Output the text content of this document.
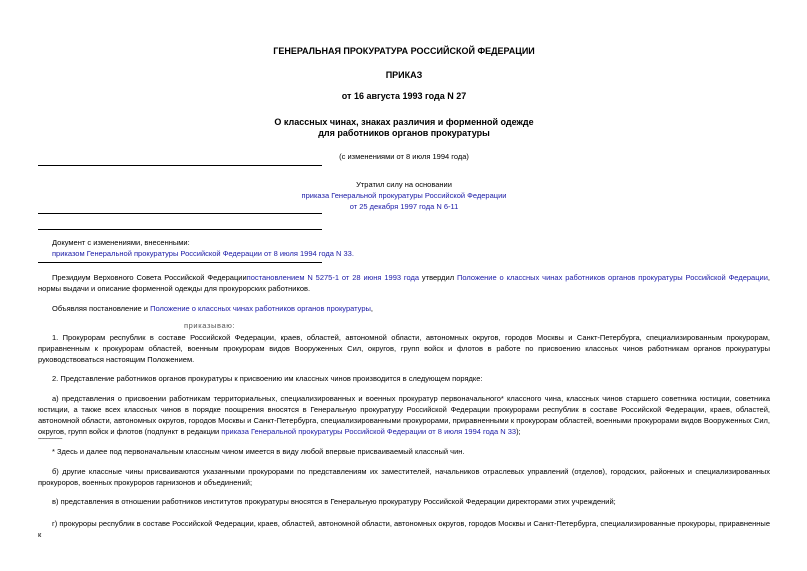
ГЕНЕРАЛЬНАЯ ПРОКУРАТУРА РОССИЙСКОЙ ФЕДЕРАЦИИ
ПРИКАЗ
от 16 августа 1993 года N 27
О классных чинах, знаках различия и форменной одежде
для работников органов прокуратуры
(с изменениями от 8 июля 1994 года)
Утратил силу на основании
приказа Генеральной прокуратуры Российской Федерации
от 25 декабря 1997 года N 6-11
Документ с изменениями, внесенными:
приказом Генеральной прокуратуры Российской Федерации от 8 июля 1994 года N 33.
Президиум Верховного Совета Российской Федерациипостановлением N 5275-1 от 28 июня 1993 года утвердил Положение о классных чинах работников органов прокуратуры Российской Федерации, нормы выдачи и описание форменной одежды для прокурорских работников.
Объявляя постановление и Положение о классных чинах работников органов прокуратуры,
приказываю:
1. Прокурорам республик в составе Российской Федерации, краев, областей, автономной области, автономных округов, городов Москвы и Санкт-Петербурга, специализированным прокурорам, приравненным к прокурорам областей, военным прокурорам видов Вооруженных Сил, округов, групп войск и флотов в работе по присвоению классных чинов работникам органов прокуратуры руководствоваться настоящим Положением.
2. Представление работников органов прокуратуры к присвоению им классных чинов производится в следующем порядке:
а) представления о присвоении работникам территориальных, специализированных и военных прокуратур первоначального* классного чина, классных чинов старшего советника юстиции, советника юстиции, а также всех классных чинов в порядке поощрения вносятся в Генеральную прокуратуру Российской Федерации прокурорами республик в составе Российской Федерации, краев, областей, автономной области, автономных округов, городов Москвы и Санкт-Петербурга, специализированными прокурорами, приравненными к прокурорам областей, военными прокурорами видов Вооруженных Сил, округов, групп войск и флотов (подпункт в редакции приказа Генеральной прокуратуры Российской Федерации от 8 июля 1994 года N 33);
----------------
* Здесь и далее под первоначальным классным чином имеется в виду любой впервые присваиваемый классный чин.
б) другие классные чины присваиваются указанными прокурорами по представлениям их заместителей, начальников отраслевых управлений (отделов), городских, районных и специализированных прокуроров, военных прокуроров гарнизонов и объединений;
в) представления в отношении работников институтов прокуратуры вносятся в Генеральную прокуратуру Российской Федерации директорами этих учреждений;
г) прокуроры республик в составе Российской Федерации, краев, областей, автономной области, автономных округов, городов Москвы и Санкт-Петербурга, специализированные прокуроры, приравненные к
